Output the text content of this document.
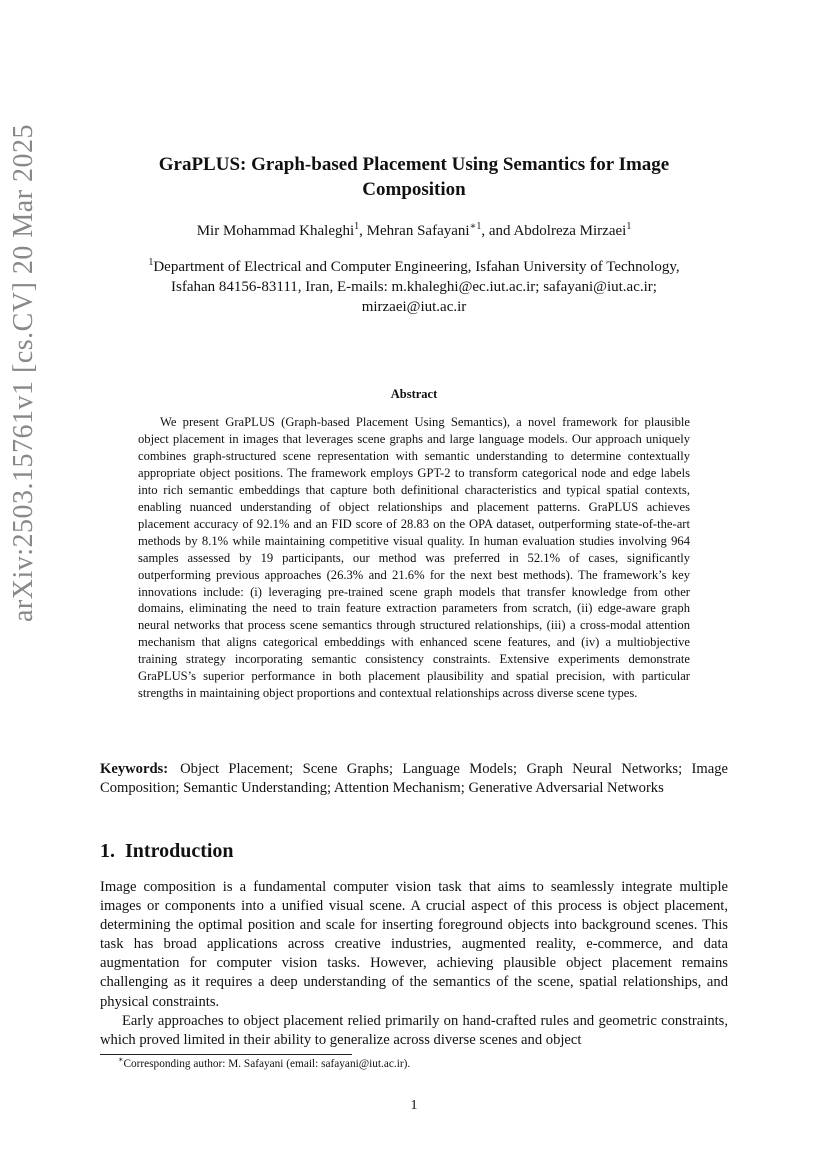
arXiv:2503.15761v1 [cs.CV] 20 Mar 2025	GraPLUS: Graph-based Placement Using Semantics for Image
Composition
Mir Mohammad Khaleghi$^1$, Mehran Safayani$^{∗1}$, and Abdolreza Mirzaei$^1$
$^1$Department of Electrical and Computer Engineering, Isfahan University of Technology,
Isfahan 84156-83111, Iran, E-mails: m.khaleghi@ec.iut.ac.ir; safayani@iut.ac.ir;
mirzaei@iut.ac.ir
Abstract
We present GraPLUS (Graph-based Placement Using Semantics), a novel framework for plausible object placement in images that leverages scene graphs and large language models. Our approach uniquely combines graph-structured scene representation with semantic understanding to determine contextually appropriate object positions. The framework employs GPT-2 to transform categorical node and edge labels into rich semantic embeddings that capture both definitional characteristics and typical spatial contexts, enabling nuanced understanding of object relationships and placement patterns. GraPLUS achieves placement accuracy of 92.1% and an FID score of 28.83 on the OPA dataset, outperforming state-of-the-art methods by 8.1% while maintaining competitive visual quality. In human evaluation studies involving 964 samples assessed by 19 participants, our method was preferred in 52.1% of cases, significantly outperforming previous approaches (26.3% and 21.6% for the next best methods). The framework’s key innovations include: (i) leveraging pre-trained scene graph models that transfer knowledge from other domains, eliminating the need to train feature extraction parameters from scratch, (ii) edge-aware graph neural networks that process scene semantics through structured relationships, (iii) a cross-modal attention mechanism that aligns categorical embeddings with enhanced scene features, and (iv) a multiobjective training strategy incorporating semantic consistency constraints. Extensive experiments demonstrate GraPLUS’s superior performance in both placement plausibility and spatial precision, with particular strengths in maintaining object proportions and contextual relationships across diverse scene types.
Keywords: Object Placement; Scene Graphs; Language Models; Graph Neural Networks; Image Composition; Semantic Understanding; Attention Mechanism; Generative Adversarial Networks
1. Introduction

Image composition is a fundamental computer vision task that aims to seamlessly integrate multiple images or components into a unified visual scene. A crucial aspect of this process is object placement, determining the optimal position and scale for inserting foreground objects into background scenes. This task has broad applications across creative industries, augmented reality, e-commerce, and data augmentation for computer vision tasks. However, achieving plausible object placement remains challenging as it requires a deep understanding of the semantics of the scene, spatial relationships, and physical constraints.

Early approaches to object placement relied primarily on hand-crafted rules and geometric constraints, which proved limited in their ability to generalize across diverse scenes and object

∗Corresponding author: M. Safayani (email: safayani@iut.ac.ir).
1
